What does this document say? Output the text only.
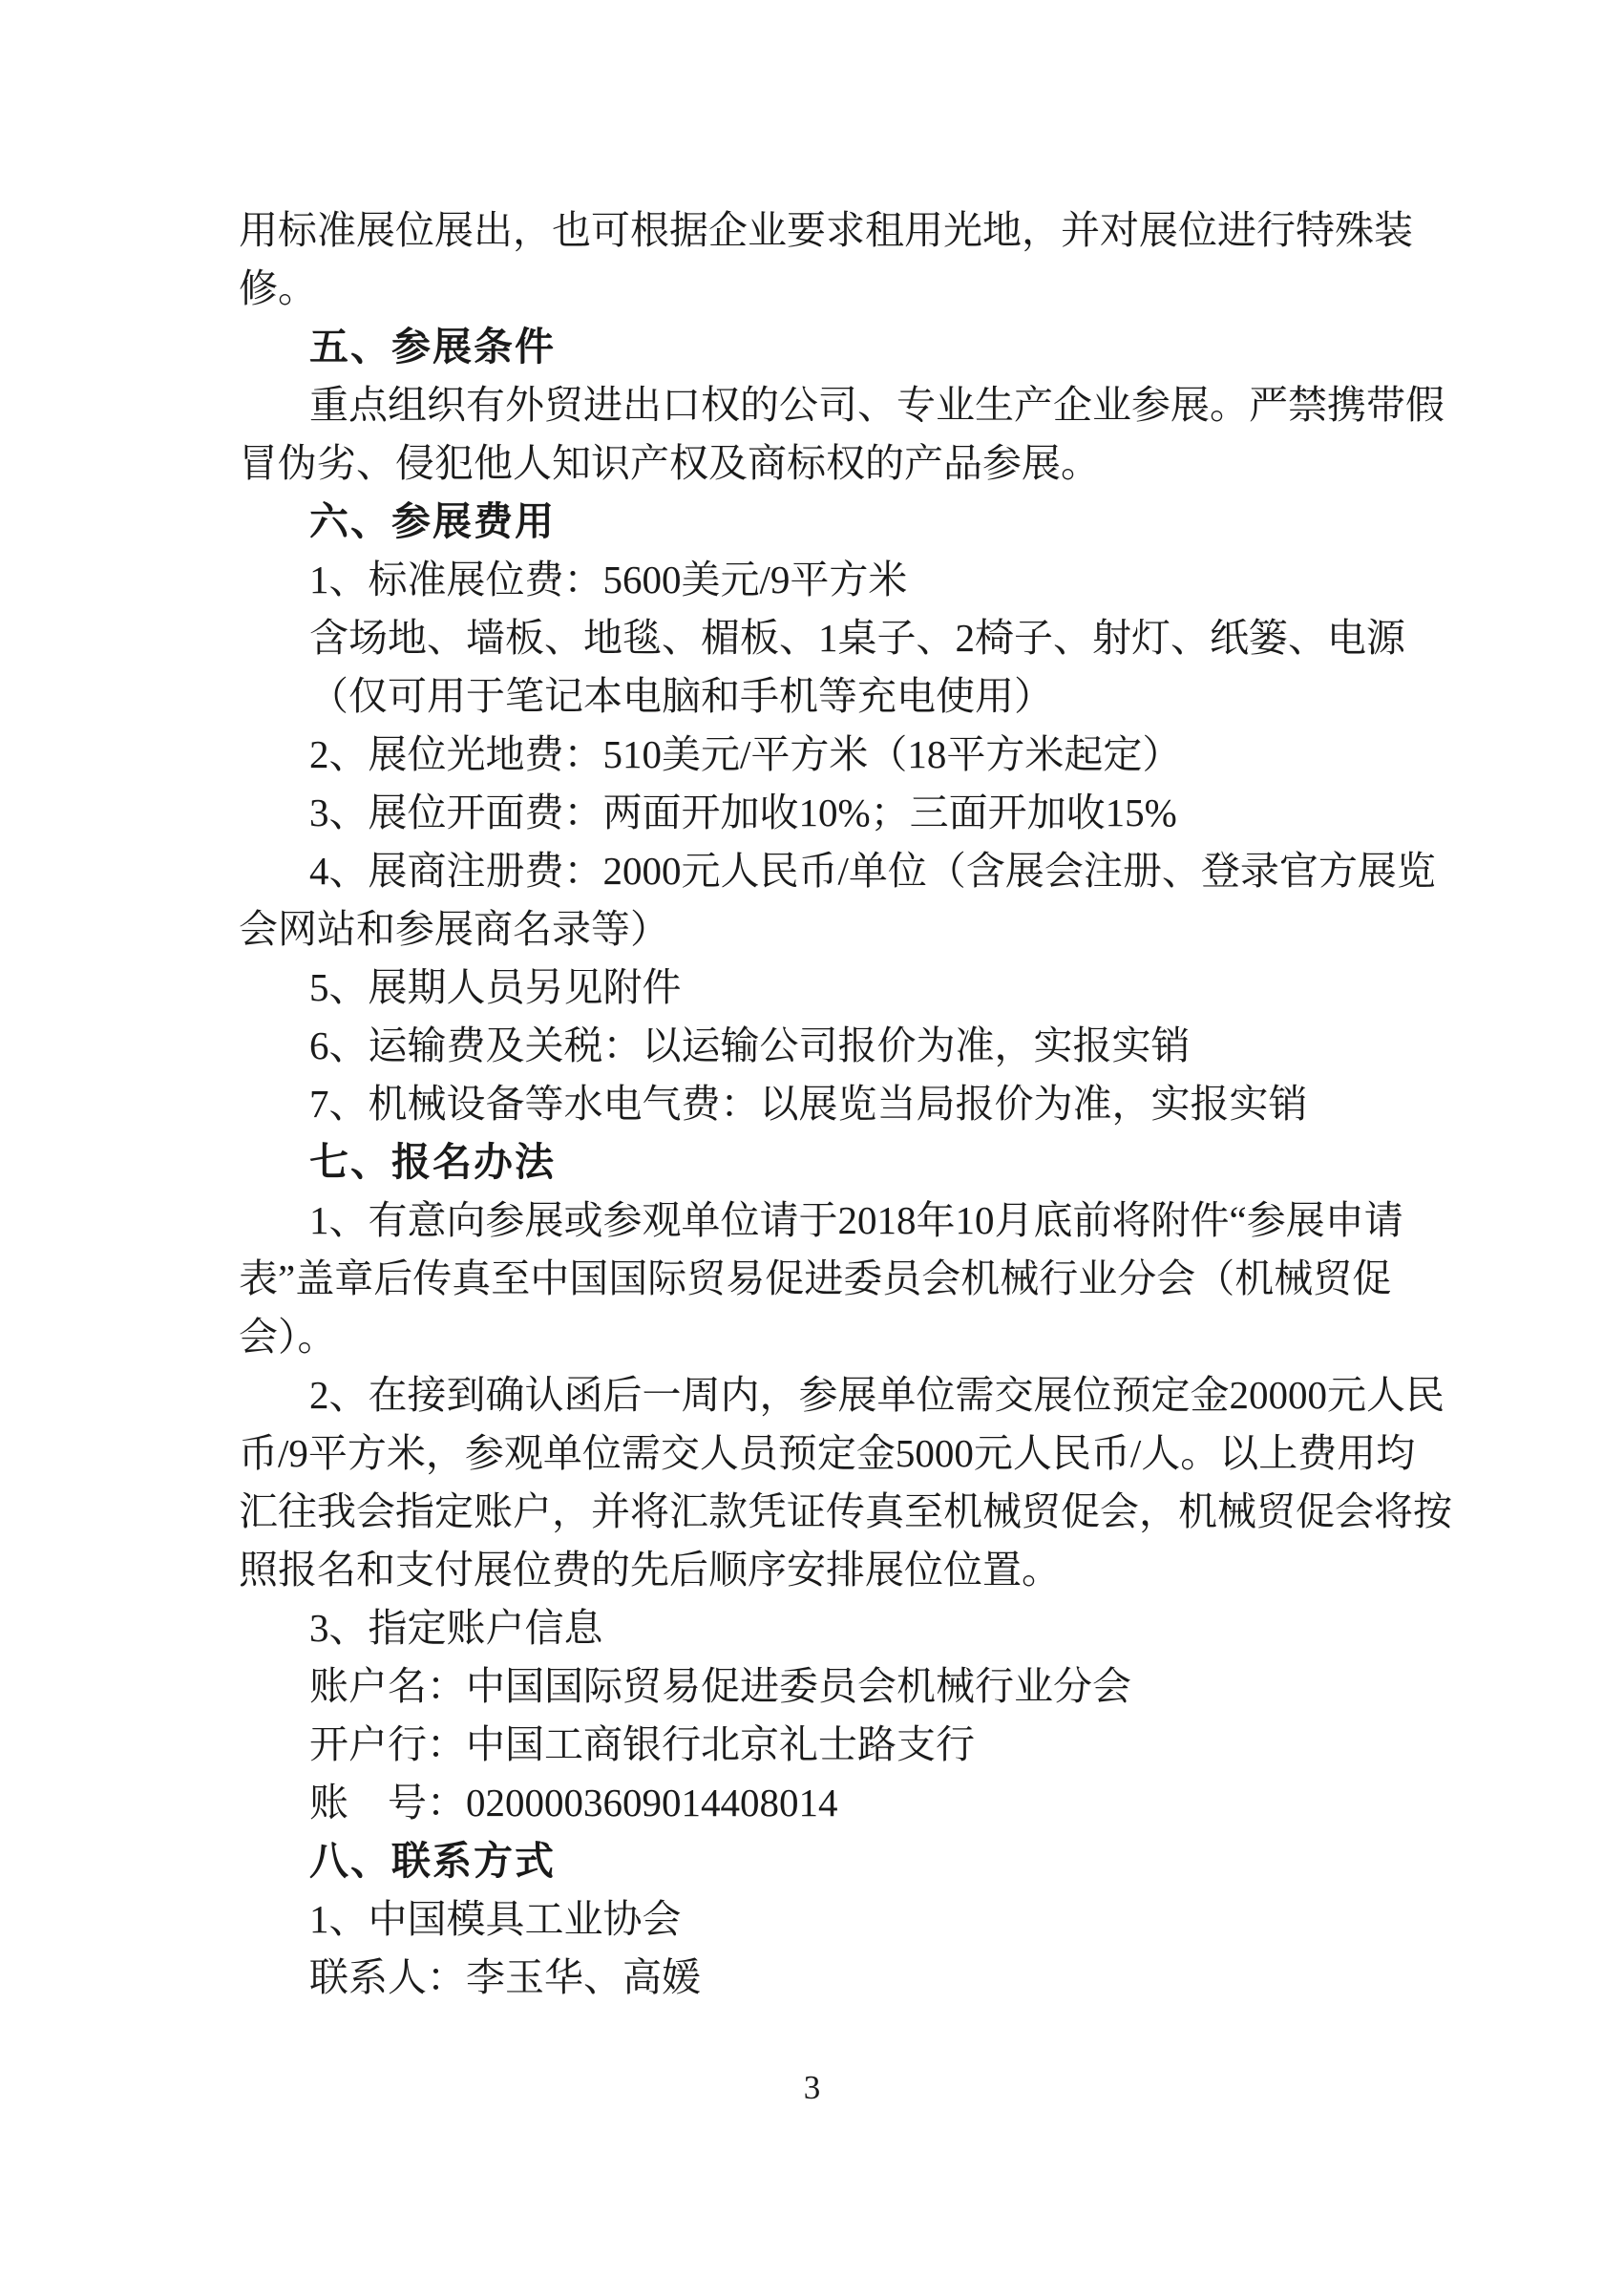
用标准展位展出，也可根据企业要求租用光地，并对展位进行特殊装
修。
五、参展条件
重点组织有外贸进出口权的公司、专业生产企业参展。严禁携带假
冒伪劣、侵犯他人知识产权及商标权的产品参展。
六、参展费用
1、标准展位费：5600美元/9平方米
含场地、墙板、地毯、楣板、1桌子、2椅子、射灯、纸篓、电源
（仅可用于笔记本电脑和手机等充电使用）
2、展位光地费：510美元/平方米（18平方米起定）
3、展位开面费：两面开加收10%；三面开加收15%
4、展商注册费：2000元人民币/单位（含展会注册、登录官方展览
会网站和参展商名录等）
5、展期人员另见附件
6、运输费及关税：以运输公司报价为准，实报实销
7、机械设备等水电气费：以展览当局报价为准，实报实销
七、报名办法
1、有意向参展或参观单位请于2018年10月底前将附件“参展申请
表”盖章后传真至中国国际贸易促进委员会机械行业分会（机械贸促
会）。
2、在接到确认函后一周内，参展单位需交展位预定金20000元人民
币/9平方米，参观单位需交人员预定金5000元人民币/人。以上费用均
汇往我会指定账户，并将汇款凭证传真至机械贸促会，机械贸促会将按
照报名和支付展位费的先后顺序安排展位位置。
3、指定账户信息
账户名：中国国际贸易促进委员会机械行业分会
开户行：中国工商银行北京礼士路支行
账　号：0200003609014408014
八、联系方式
1、中国模具工业协会
联系人：李玉华、高媛
3
